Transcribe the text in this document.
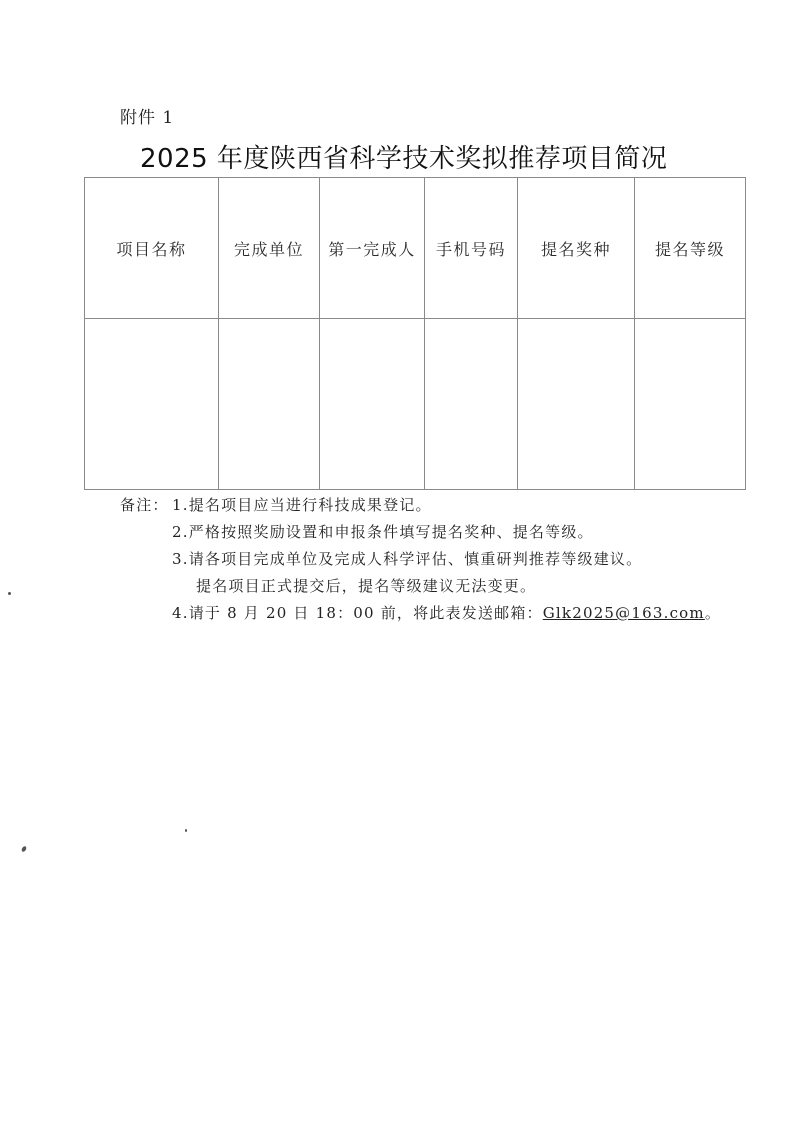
附件 1
2025 年度陕西省科学技术奖拟推荐项目简况
项目名称	完成单位	第一完成人	手机号码	提名奖种	提名等级

备注： 1.提名项目应当进行科技成果登记。
2.严格按照奖励设置和申报条件填写提名奖种、提名等级。
3.请各项目完成单位及完成人科学评估、慎重研判推荐等级建议。
提名项目正式提交后，提名等级建议无法变更。
4.请于 8 月 20 日 18：00 前，将此表发送邮箱：Glk2025@163.com。
